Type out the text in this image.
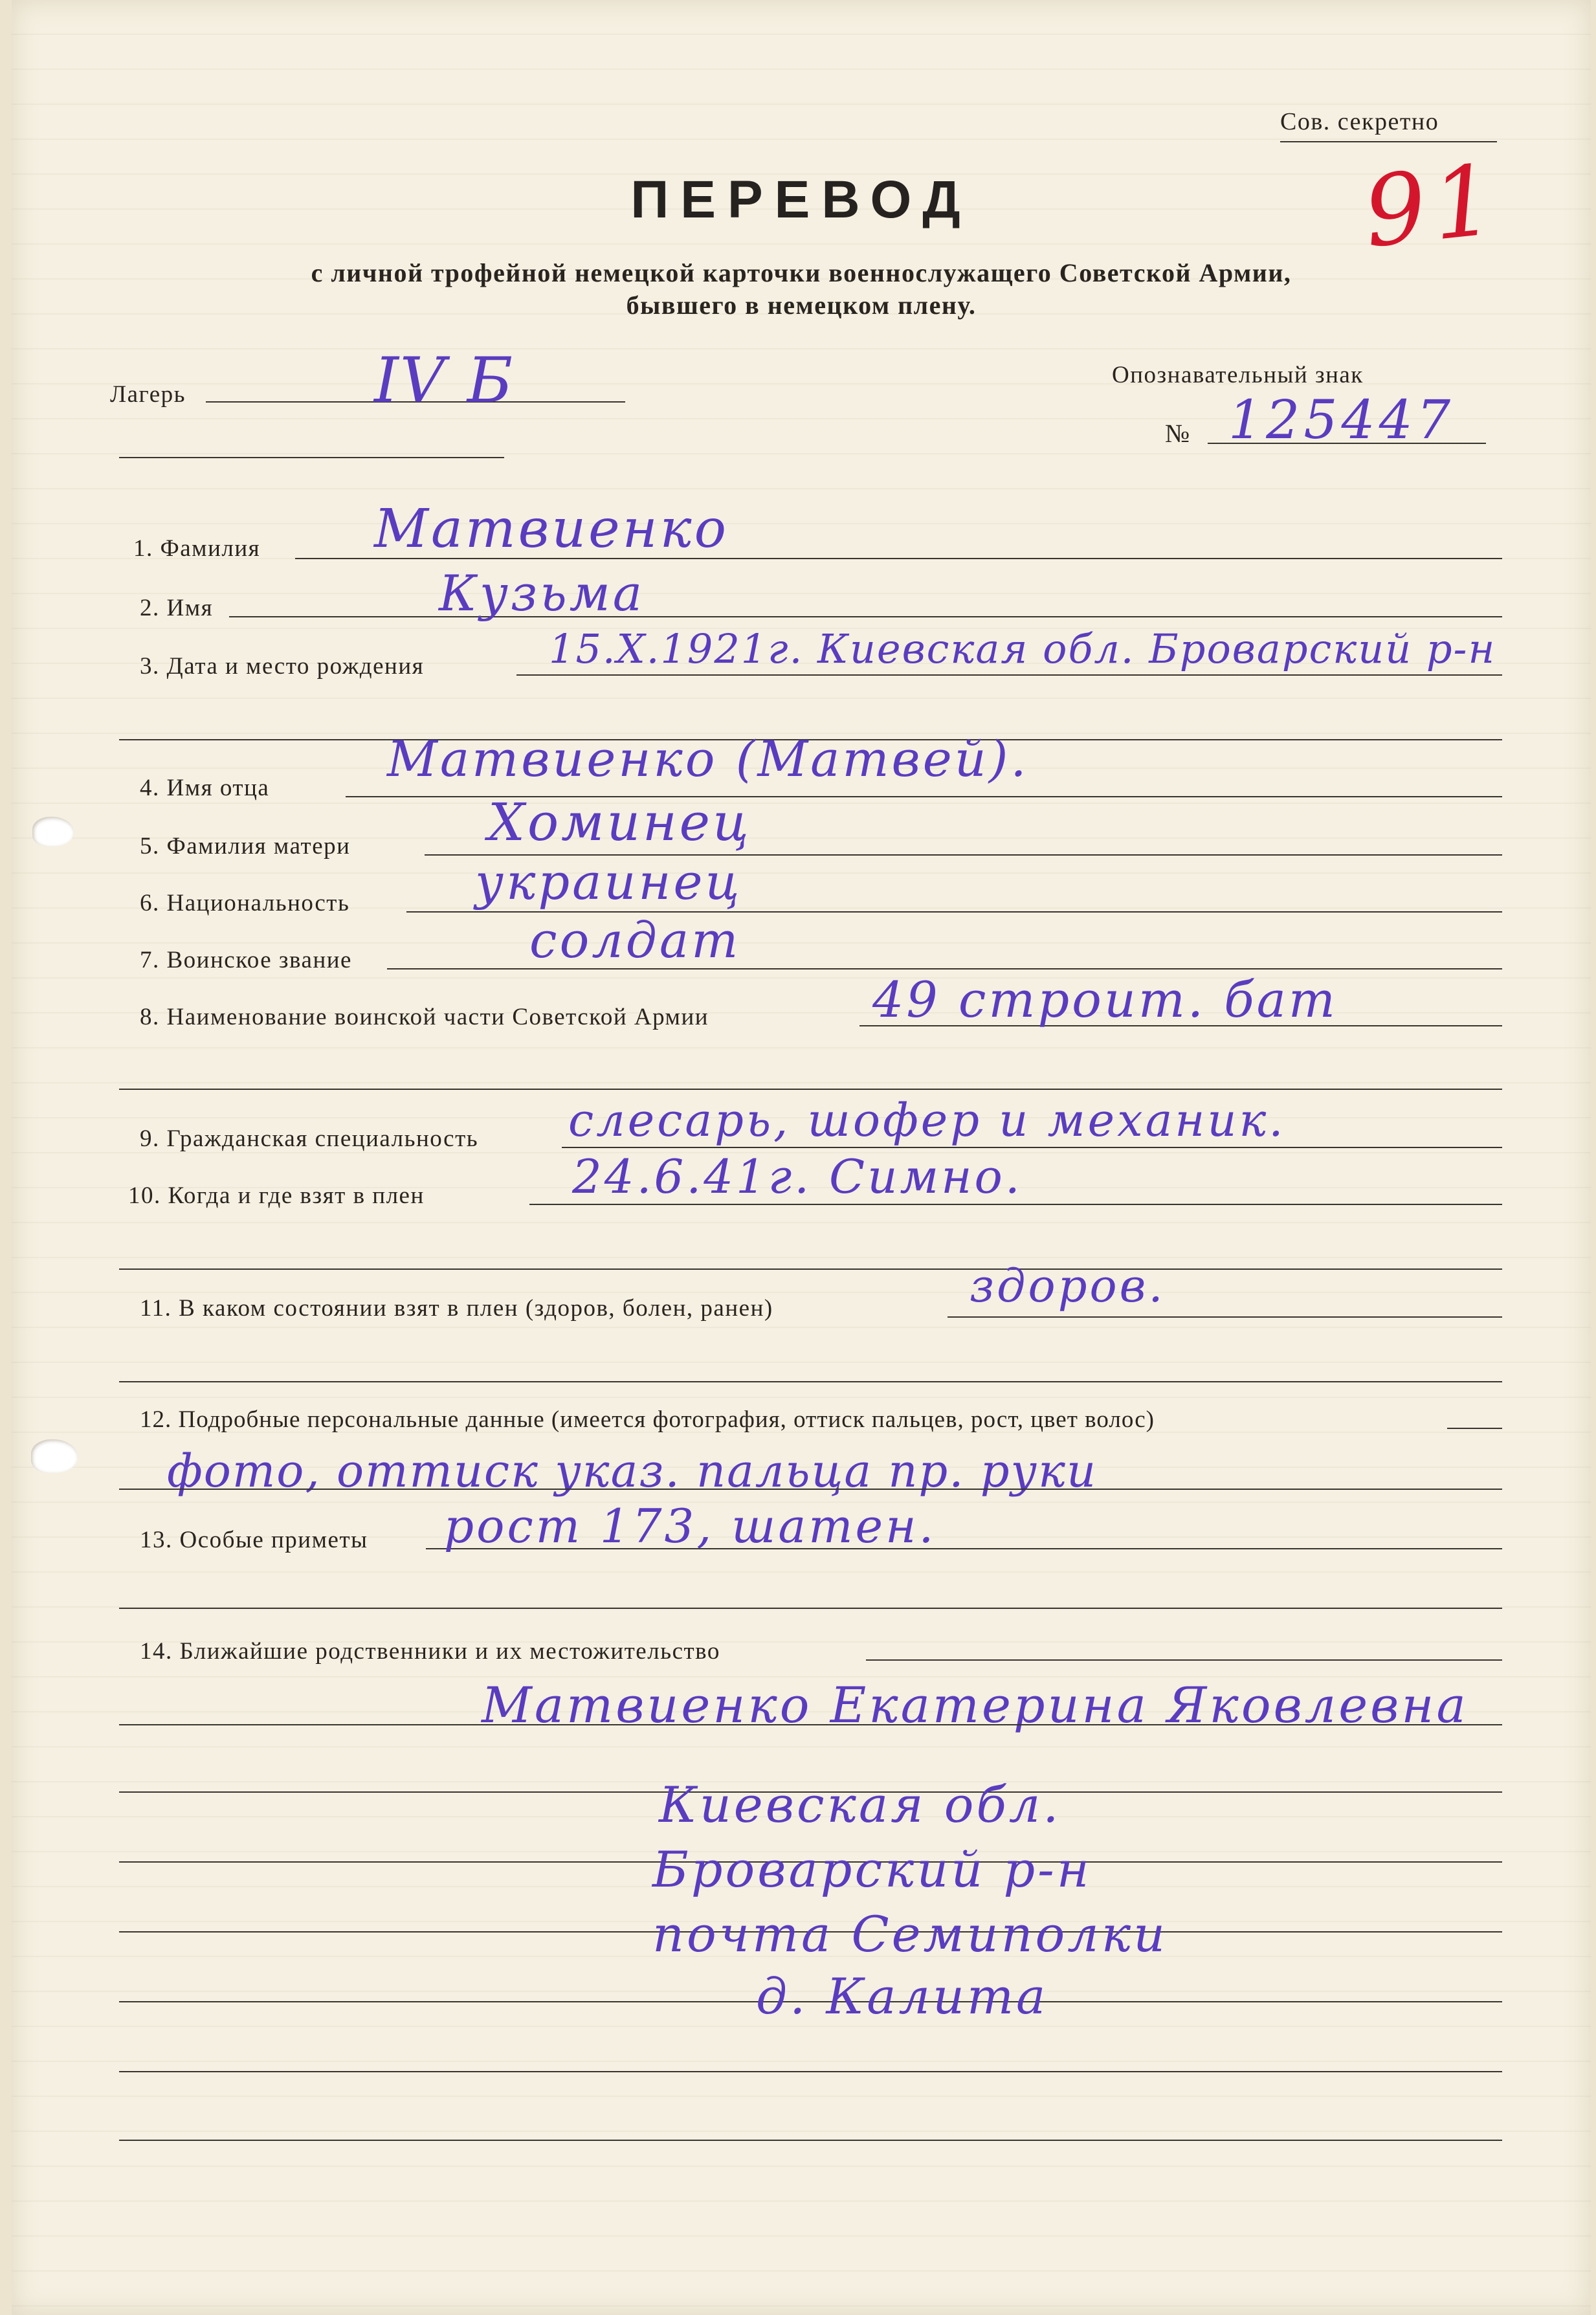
Сов. секретно
91
ПЕРЕВОД
с личной трофейной немецкой карточки военнослужащего Советской Армии,
бывшего в немецком плену.
Лагерь	IV Б	Опознавательный знак
№ 125447
1. Фамилия Матвиенко
2. Имя	Кузьма
3. Дата и место рождения	15.X.1921г. Киевская обл. Броварский р-н
4. Имя отца
Матвиенко (Матвей).
5. Фамилия матери	Хоминец
6. Национальность	украинец
7. Воинское звание	солдат
8. Наименование воинской части Советской Армии	49 строит. бат
9. Гражданская специальность слесарь, шофер и механик.
10. Когда и где взят в плен	24.6.41г. Симно.
11. В каком состоянии взят в плен (здоров, болен, ранен)	здоров.
12. Подробные персональные данные (имеется фотография, оттиск пальцев, рост, цвет волос)
фото, оттиск указ. пальца пр. руки
13. Особые приметы рост 173, шатен.
14. Ближайшие родственники и их местожительство
Матвиенко Екатерина Яковлевна
Киевская обл.
Броварский р-н
почта Семиполки
д. Калита
